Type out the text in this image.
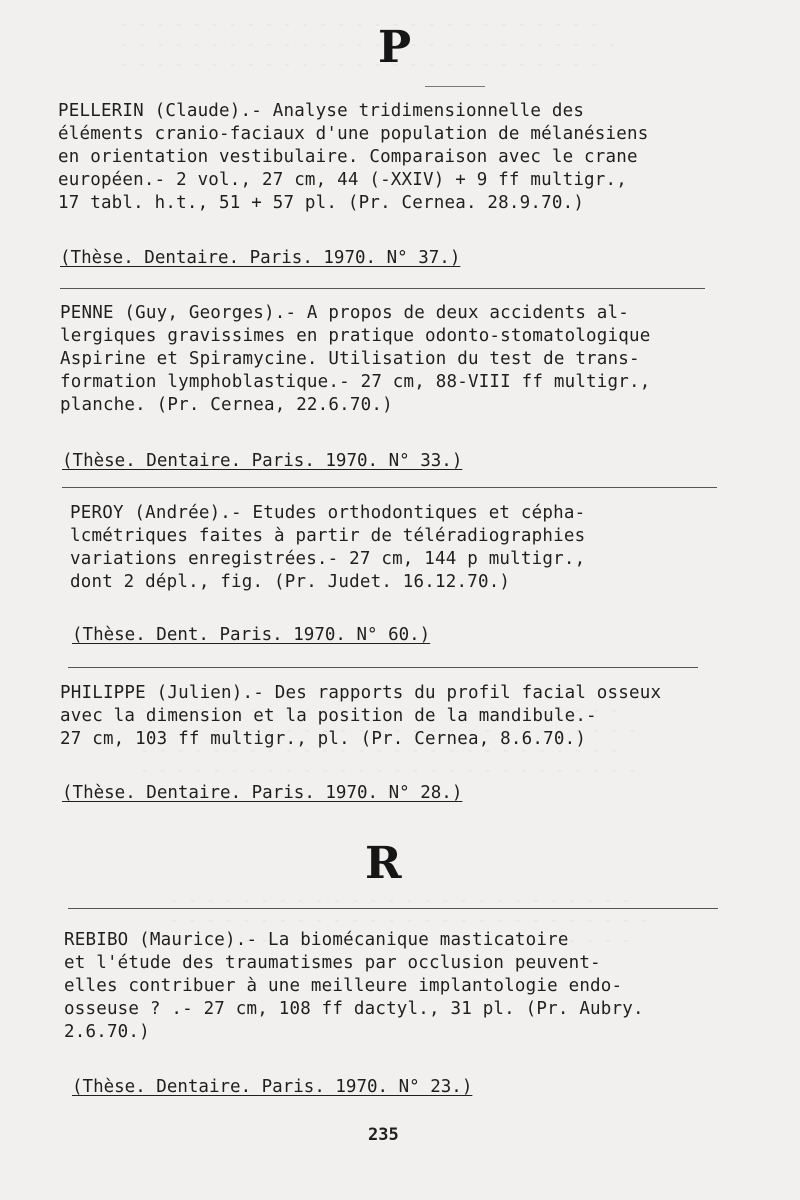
P
PELLERIN (Claude).- Analyse tridimensionnelle des
éléments cranio-faciaux d'une population de mélanésiens
en orientation vestibulaire. Comparaison avec le crane
européen.- 2 vol., 27 cm, 44 (-XXIV) + 9 ff multigr.,
17 tabl. h.t., 51 + 57 pl. (Pr. Cernea. 28.9.70.)
(Thèse. Dentaire. Paris. 1970. N° 37.)
PENNE (Guy, Georges).- A propos de deux accidents al-
lergiques gravissimes en pratique odonto-stomatologique
Aspirine et Spiramycine. Utilisation du test de trans-
formation lymphoblastique.- 27 cm, 88-VIII ff multigr.,
planche. (Pr. Cernea, 22.6.70.)
(Thèse. Dentaire. Paris. 1970. N° 33.)
PEROY (Andrée).- Etudes orthodontiques et cépha-
lcmétriques faites à partir de téléradiographies
variations enregistrées.- 27 cm, 144 p multigr.,
dont 2 dépl., fig. (Pr. Judet. 16.12.70.)
(Thèse. Dent. Paris. 1970. N° 60.)
PHILIPPE (Julien).- Des rapports du profil facial osseux
avec la dimension et la position de la mandibule.-
27 cm, 103 ff multigr., pl. (Pr. Cernea, 8.6.70.)
(Thèse. Dentaire. Paris. 1970. N° 28.)
R
REBIBO (Maurice).- La biomécanique masticatoire
et l'étude des traumatismes par occlusion peuvent-
elles contribuer à une meilleure implantologie endo-
osseuse ? .- 27 cm, 108 ff dactyl., 31 pl. (Pr. Aubry.
2.6.70.)
(Thèse. Dentaire. Paris. 1970. N° 23.)
235
